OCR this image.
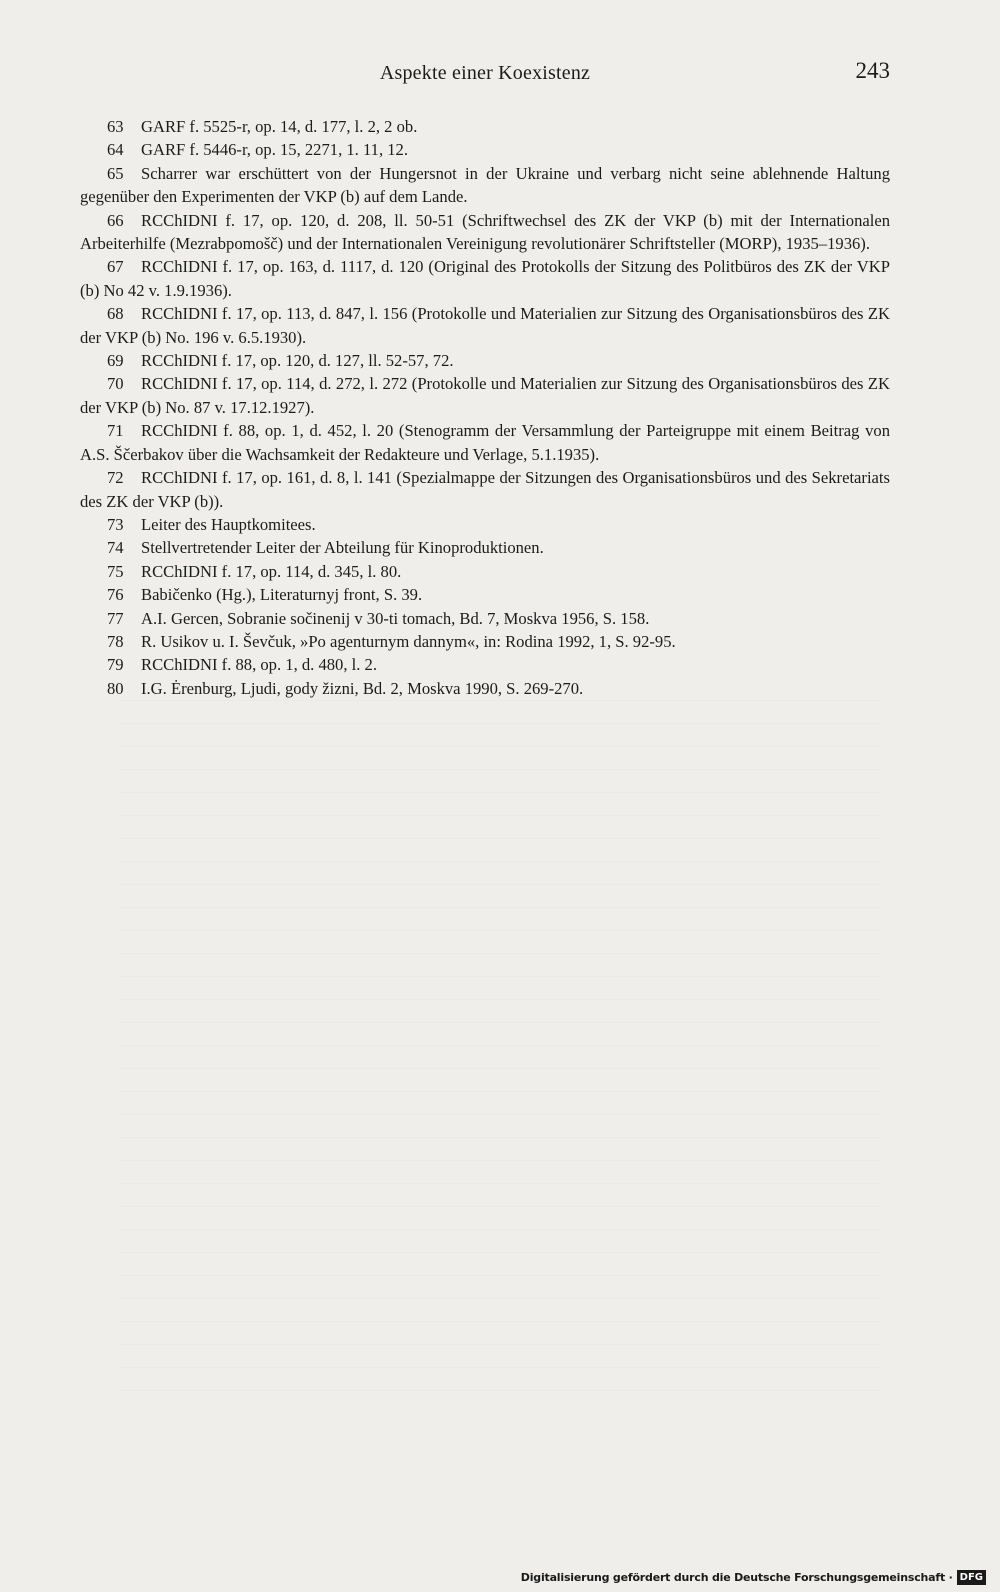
Aspekte einer Koexistenz	243
63 GARF f. 5525-r, op. 14, d. 177, l. 2, 2 ob.
64 GARF f. 5446-r, op. 15, 2271, 1. 11, 12.
65 Scharrer war erschüttert von der Hungersnot in der Ukraine und verbarg nicht seine ablehnende Haltung gegenüber den Experimenten der VKP (b) auf dem Lande.
66 RCChIDNI f. 17, op. 120, d. 208, ll. 50-51 (Schriftwechsel des ZK der VKP (b) mit der Internationalen Arbeiterhilfe (Mezrabpomošč) und der Internationalen Vereinigung revolutionärer Schriftsteller (MORP), 1935–1936).
67 RCChIDNI f. 17, op. 163, d. 1117, d. 120 (Original des Protokolls der Sitzung des Politbüros des ZK der VKP (b) No 42 v. 1.9.1936).
68 RCChIDNI f. 17, op. 113, d. 847, l. 156 (Protokolle und Materialien zur Sitzung des Organisationsbüros des ZK der VKP (b) No. 196 v. 6.5.1930).
69 RCChIDNI f. 17, op. 120, d. 127, ll. 52-57, 72.
70 RCChIDNI f. 17, op. 114, d. 272, l. 272 (Protokolle und Materialien zur Sitzung des Organisationsbüros des ZK der VKP (b) No. 87 v. 17.12.1927).
71 RCChIDNI f. 88, op. 1, d. 452, l. 20 (Stenogramm der Versammlung der Parteigruppe mit einem Beitrag von A.S. Ščerbakov über die Wachsamkeit der Redakteure und Verlage, 5.1.1935).
72 RCChIDNI f. 17, op. 161, d. 8, l. 141 (Spezialmappe der Sitzungen des Organisationsbüros und des Sekretariats des ZK der VKP (b)).
73 Leiter des Hauptkomitees.
74 Stellvertretender Leiter der Abteilung für Kinoproduktionen.
75 RCChIDNI f. 17, op. 114, d. 345, l. 80.
76 Babičenko (Hg.), Literaturnyj front, S. 39.
77 A.I. Gercen, Sobranie sočinenij v 30-ti tomach, Bd. 7, Moskva 1956, S. 158.
78 R. Usikov u. I. Ševčuk, »Po agenturnym dannym«, in: Rodina 1992, 1, S. 92-95.
79 RCChIDNI f. 88, op. 1, d. 480, l. 2.
80 I.G. Ėrenburg, Ljudi, gody žizni, Bd. 2, Moskva 1990, S. 269-270.
Digitalisierung gefördert durch die Deutsche Forschungsgemeinschaft · DFG
